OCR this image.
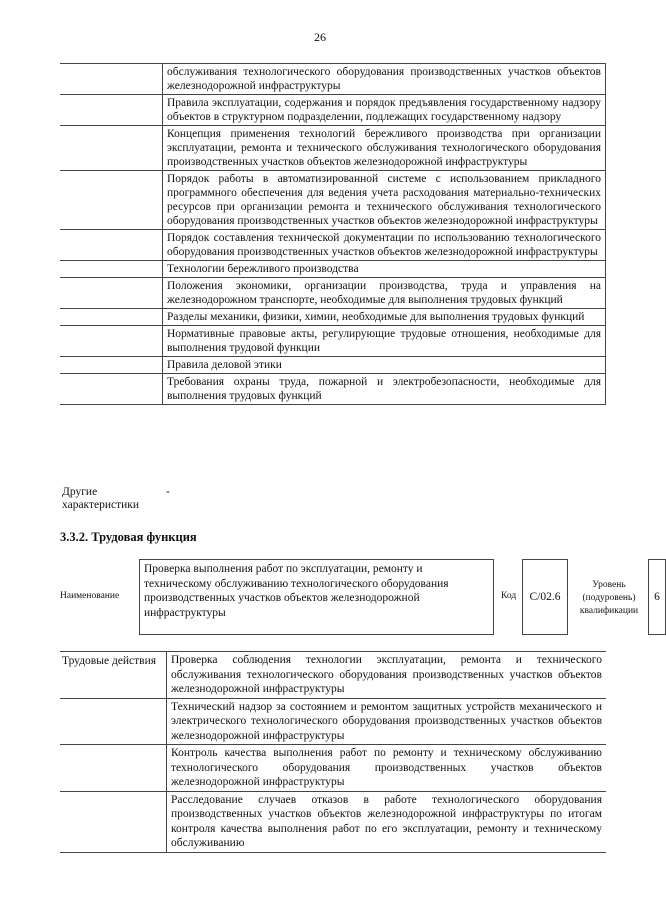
26
обслуживания технологического оборудования производственных участков объектов железнодорожной инфраструктуры
Правила эксплуатации, содержания и порядок предъявления государственному надзору объектов в структурном подразделении, подлежащих государственному надзору
Концепция применения технологий бережливого производства при организации эксплуатации, ремонта и технического обслуживания технологического оборудования производственных участков объектов железнодорожной инфраструктуры
Порядок работы в автоматизированной системе с использованием прикладного программного обеспечения для ведения учета расходования материально-технических ресурсов при организации ремонта и технического обслуживания технологического оборудования производственных участков объектов железнодорожной инфраструктуры
Порядок составления технической документации по использованию технологического оборудования производственных участков объектов железнодорожной инфраструктуры
Технологии бережливого производства
Положения экономики, организации производства, труда и управления на железнодорожном транспорте, необходимые для выполнения трудовых функций
Разделы механики, физики, химии, необходимые для выполнения трудовых функций
Нормативные правовые акты, регулирующие трудовые отношения, необходимые для выполнения трудовой функции
Правила деловой этики
Требования охраны труда, пожарной и электробезопасности, необходимые для выполнения трудовых функций
Другие характеристики
-
3.3.2. Трудовая функция
Наименование
Проверка выполнения работ по эксплуатации, ремонту и техническому обслуживанию технологического оборудования производственных участков объектов железнодорожной инфраструктуры
Код	C/02.6
Уровень (подуровень) квалификации
6
Трудовые действия	Проверка соблюдения технологии эксплуатации, ремонта и технического обслуживания технологического оборудования производственных участков объектов железнодорожной инфраструктуры
Технический надзор за состоянием и ремонтом защитных устройств механического и электрического технологического оборудования производственных участков объектов железнодорожной инфраструктуры
Контроль качества выполнения работ по ремонту и техническому обслуживанию технологического оборудования производственных участков объектов железнодорожной инфраструктуры
Расследование случаев отказов в работе технологического оборудования производственных участков объектов железнодорожной инфраструктуры по итогам контроля качества выполнения работ по его эксплуатации, ремонту и техническому обслуживанию
